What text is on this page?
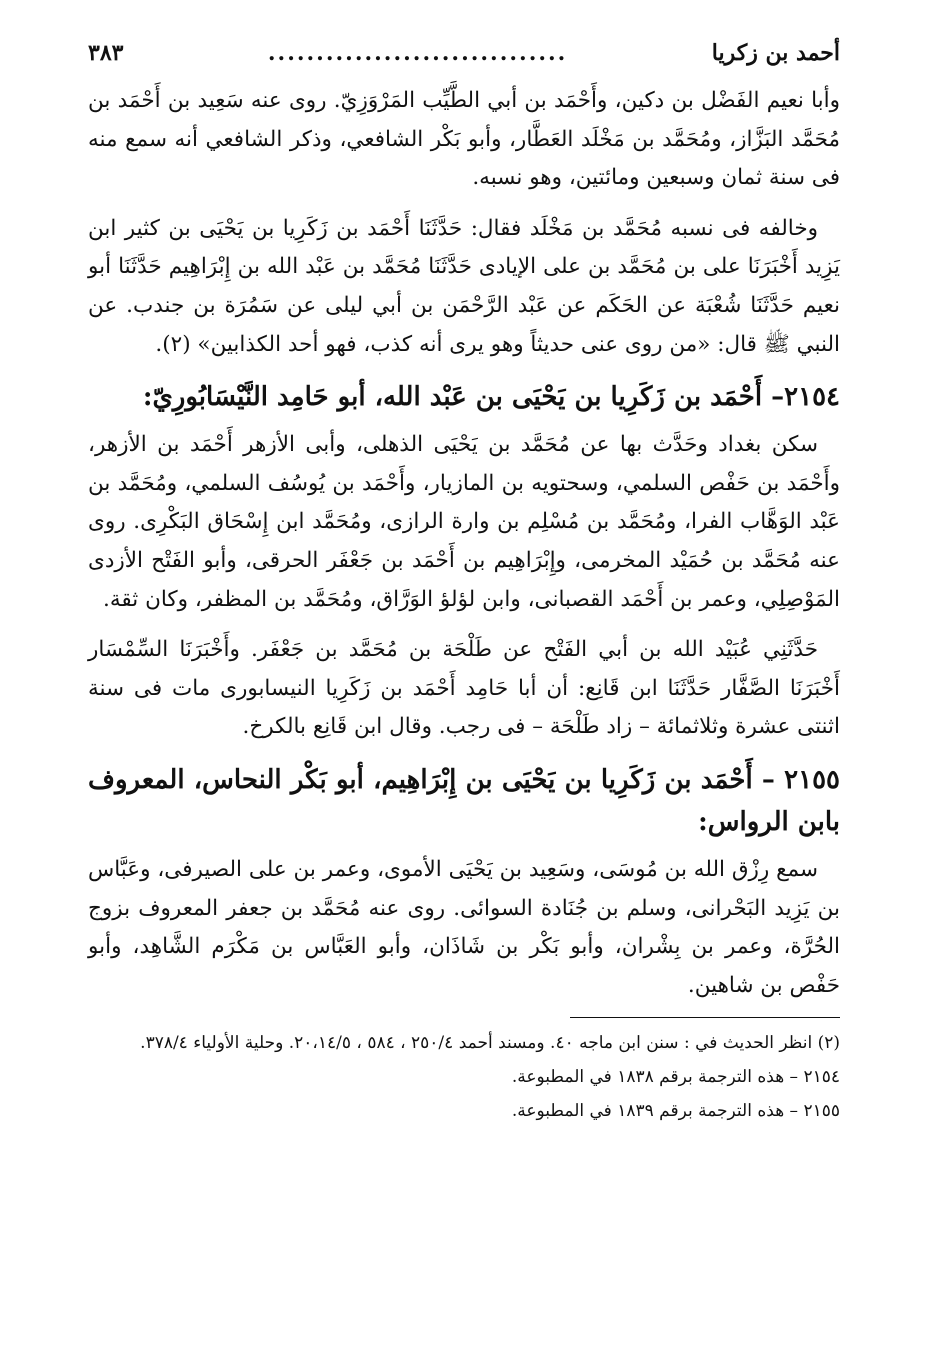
أحمد بن زكريا
...............................
٣٨٣

وأبا نعيم الفَضْل بن دكين، وأَحْمَد بن أبي الطَّيِّب المَرْوَزِيّ. روى عنه سَعِيد بن أَحْمَد بن مُحَمَّد البَزَّاز، ومُحَمَّد بن مَخْلَد العَطَّار، وأبو بَكْر الشافعي، وذكر الشافعي أنه سمع منه فى سنة ثمان وسبعين ومائتين، وهو نسبه.

وخالفه فى نسبه مُحَمَّد بن مَخْلَد فقال: حَدَّثَنَا أَحْمَد بن زَكَرِيا بن يَحْيَى بن كثير ابن يَزِيد أَخْبَرَنَا على بن مُحَمَّد بن على الإيادى حَدَّثَنَا مُحَمَّد بن عَبْد الله بن إِبْرَاهِيم حَدَّثَنَا أبو نعيم حَدَّثَنَا شُعْبَة عن الحَكَم عن عَبْد الرَّحْمَن بن أبي ليلى عن سَمُرَة بن جندب. عن النبي ﷺ قال: «من روى عنى حديثاً وهو يرى أنه كذب، فهو أحد الكذابين» (٢).

٢١٥٤– أَحْمَد بن زَكَرِيا بن يَحْيَى بن عَبْد الله، أبو حَامِد النَّيْسَابُورِيّ:

سكن بغداد وحَدَّث بها عن مُحَمَّد بن يَحْيَى الذهلى، وأبى الأزهر أَحْمَد بن الأزهر، وأَحْمَد بن حَفْص السلمي، وسحتويه بن المازيار، وأَحْمَد بن يُوسُف السلمي، ومُحَمَّد بن عَبْد الوَهَّاب الفرا، ومُحَمَّد بن مُسْلِم بن وارة الرازى، ومُحَمَّد ابن إِسْحَاق البَكْرِى. روى عنه مُحَمَّد بن حُمَيْد المخرمى، وإِبْرَاهِيم بن أَحْمَد بن جَعْفَر الحرقى، وأبو الفَتْح الأزدى المَوْصِلِي، وعمر بن أَحْمَد القصبانى، وابن لؤلؤ الوَرَّاق، ومُحَمَّد بن المظفر، وكان ثقة.

حَدَّثَنِي عُبَيْد الله بن أبي الفَتْح عن طَلْحَة بن مُحَمَّد بن جَعْفَر. وأَخْبَرَنَا السِّمْسَار أَخْبَرَنَا الصَّفَّار حَدَّثَنَا ابن قَانِع: أن أبا حَامِد أَحْمَد بن زَكَرِيا النيسابورى مات فى سنة اثنتى عشرة وثلاثمائة – زاد طَلْحَة – فى رجب. وقال ابن قَانِع بالكرخ.

٢١٥٥ – أَحْمَد بن زَكَرِيا بن يَحْيَى بن إِبْرَاهِيم، أبو بَكْر النحاس، المعروف بابن الرواس:

سمع رِزْق الله بن مُوسَى، وسَعِيد بن يَحْيَى الأموى، وعمر بن على الصيرفى، وعَبَّاس بن يَزِيد البَحْرانى، وسلم بن جُنَادة السوائى. روى عنه مُحَمَّد بن جعفر المعروف بزوج الحُرَّة، وعمر بن بِشْران، وأبو بَكْر بن شَاذَان، وأبو العَبَّاس بن مَكْرَم الشَّاهِد، وأبو حَفْص بن شاهين.

(٢) انظر الحديث في : سنن ابن ماجه ٤٠. ومسند أحمد ٢٥٠/٤ ، ٥٨٤ ، ٢٠،١٤/٥. وحلية الأولياء ٣٧٨/٤.

٢١٥٤ – هذه الترجمة برقم ١٨٣٨ في المطبوعة.

٢١٥٥ – هذه الترجمة برقم ١٨٣٩ في المطبوعة.
